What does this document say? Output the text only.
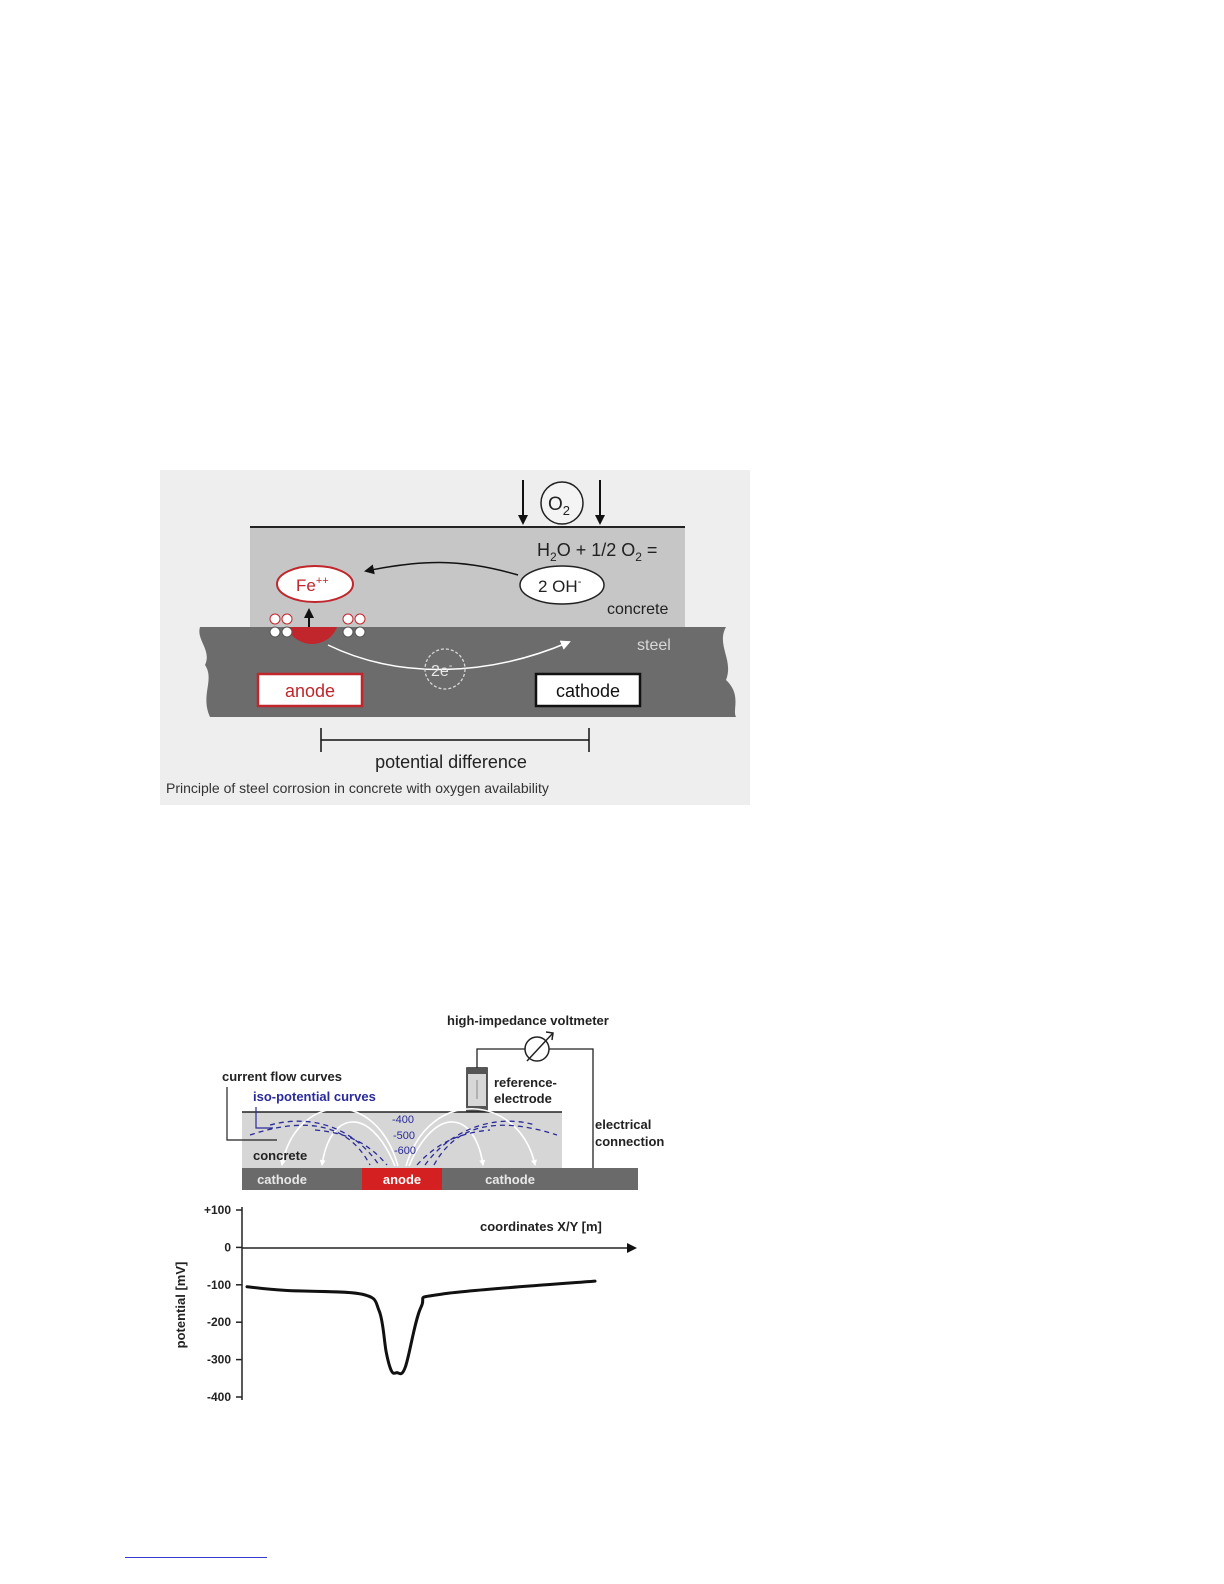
$O_2$
$H_2O + 1/2$ $O_2$ =
2 OH-
Fe++
concrete
steel
2e-
anode	cathode
potential difference
Principle of steel corrosion in concrete with oxygen availability
high-impedance voltmeter
reference-electrode
electrical connection
-400
-500
-600
current flow curves
iso-potential curves
concrete
cathode	anode	cathode
coordinates X/Y [m]
potential [mV]
+100
0
-100
-200
-300
-400
